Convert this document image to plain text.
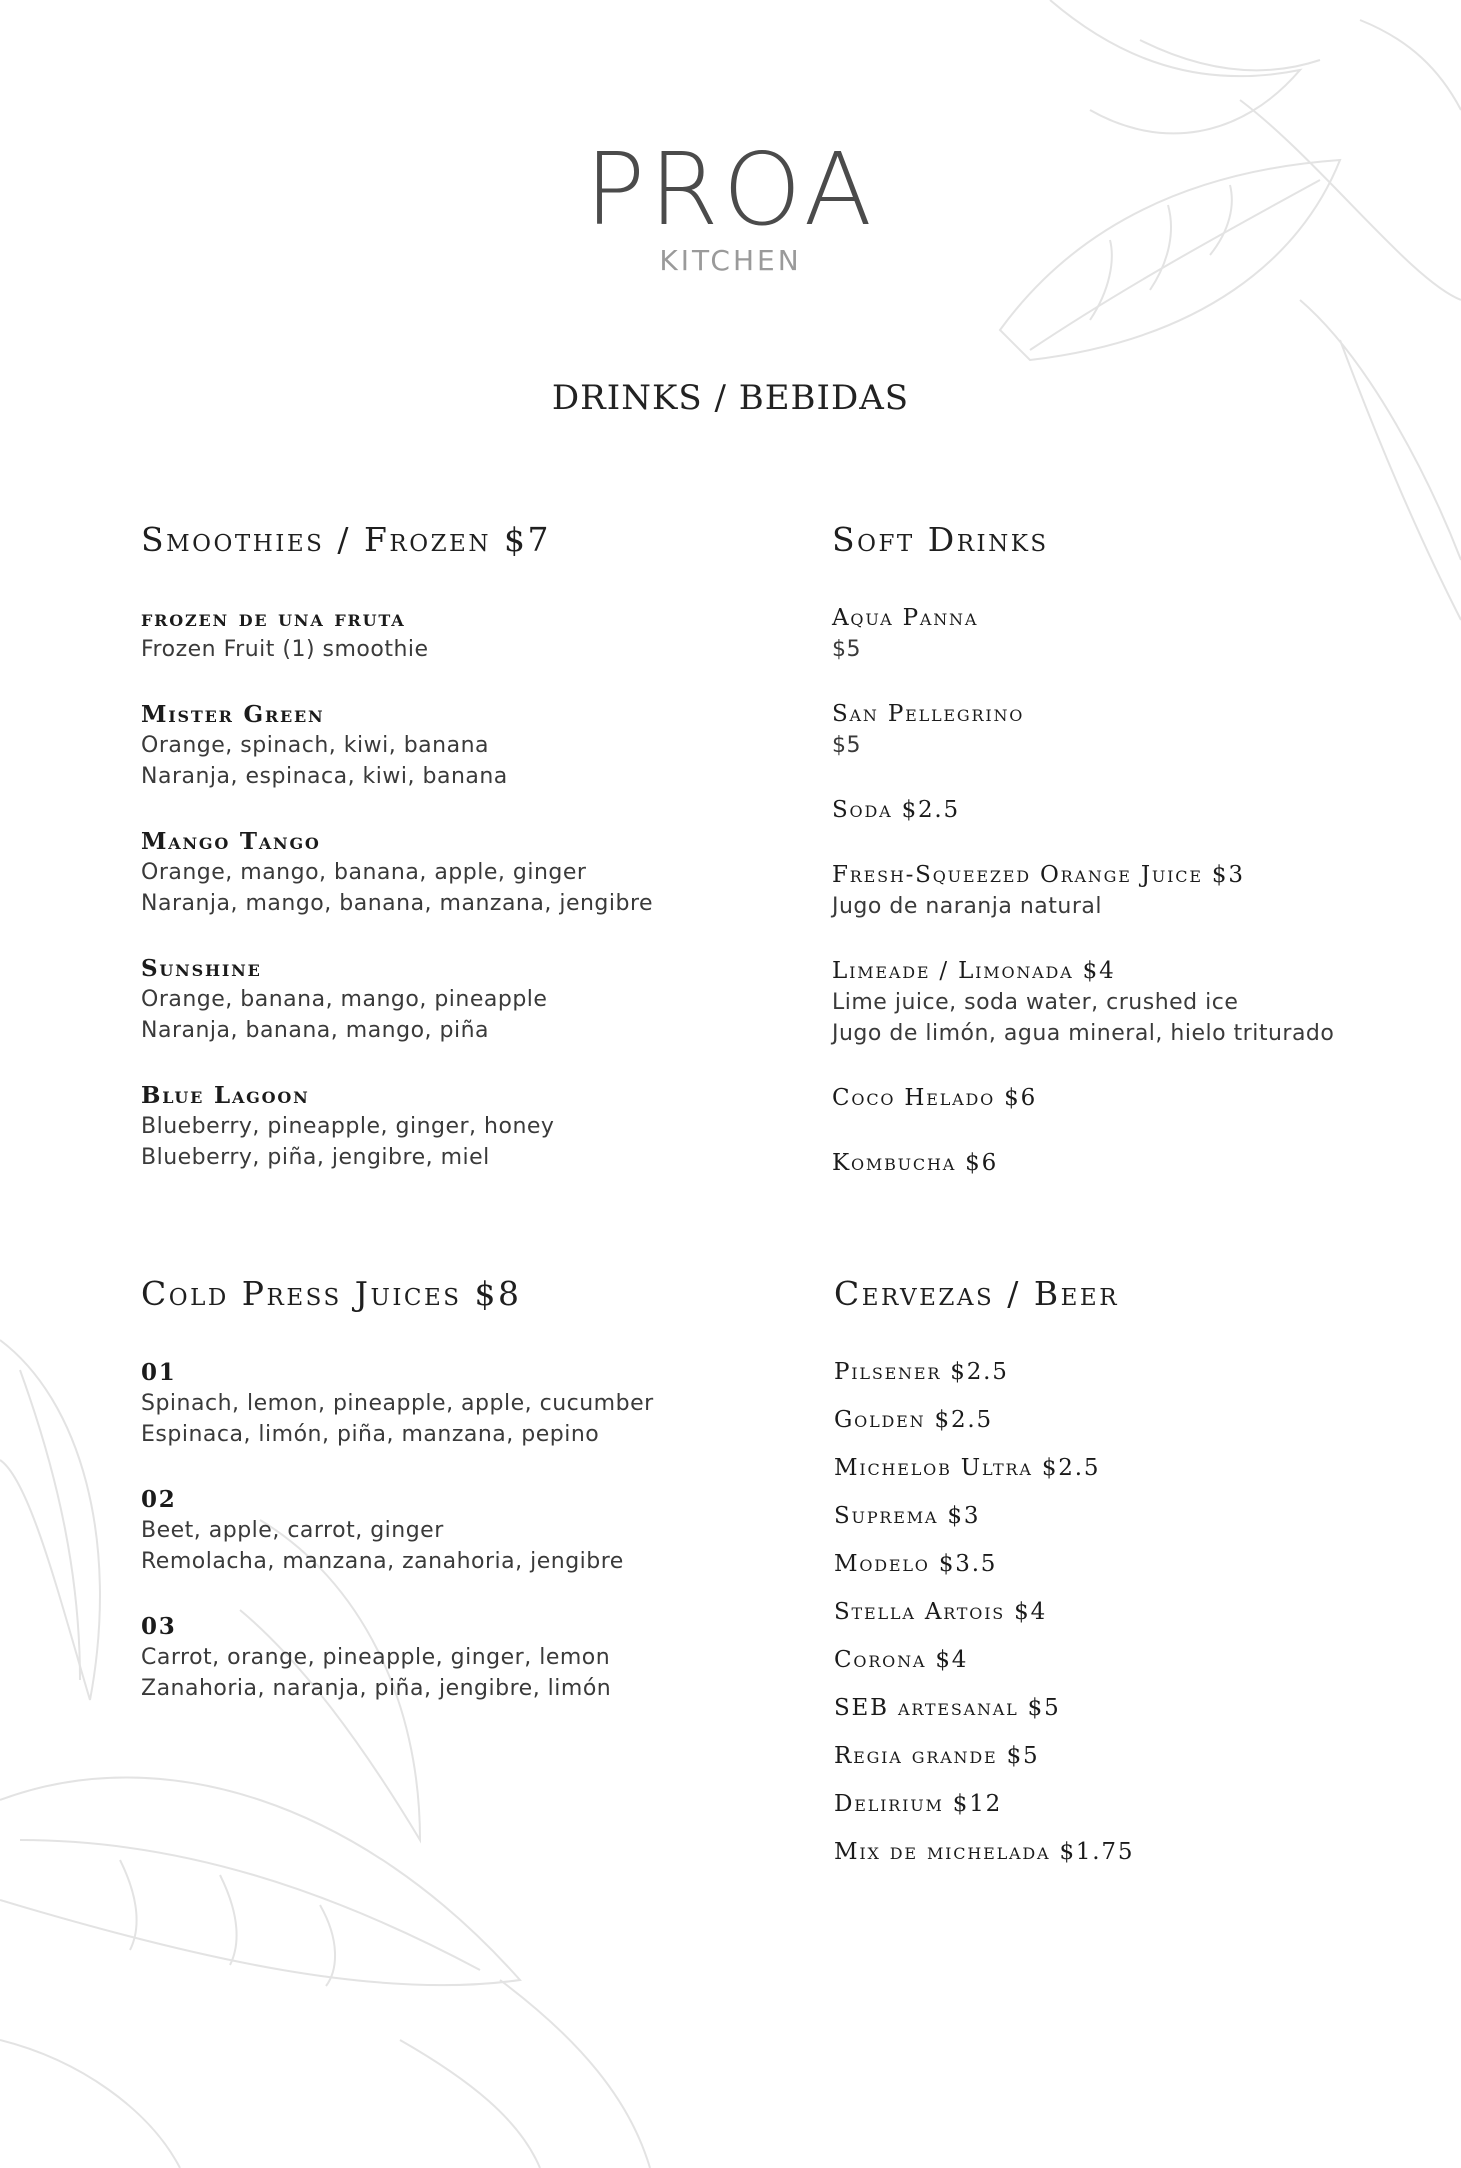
PROA
KITCHEN
DRINKS / BEBIDAS
Smoothies / Frozen $7
frozen de una fruta
Frozen Fruit (1) smoothie
Mister Green
Orange, spinach, kiwi, banana
Naranja, espinaca, kiwi, banana
Mango Tango
Orange, mango, banana, apple, ginger
Naranja, mango, banana, manzana, jengibre
Sunshine
Orange, banana, mango, pineapple
Naranja, banana, mango, piña
Blue Lagoon
Blueberry, pineapple, ginger, honey
Blueberry, piña, jengibre, miel
Soft Drinks
Aqua Panna
$5
San Pellegrino
$5
Soda $2.5
Fresh-Squeezed Orange Juice $3
Jugo de naranja natural
Limeade / Limonada $4
Lime juice, soda water, crushed ice
Jugo de limón, agua mineral, hielo triturado
Coco Helado $6
Kombucha $6
Cold Press Juices $8
01
Spinach, lemon, pineapple, apple, cucumber
Espinaca, limón, piña, manzana, pepino
02
Beet, apple, carrot, ginger
Remolacha, manzana, zanahoria, jengibre
03
Carrot, orange, pineapple, ginger, lemon
Zanahoria, naranja, piña, jengibre, limón
Cervezas / Beer
Pilsener $2.5
Golden $2.5
Michelob Ultra $2.5
Suprema $3
Modelo $3.5
Stella Artois $4
Corona $4
SEB artesanal $5
Regia grande $5
Delirium $12
Mix de michelada $1.75
